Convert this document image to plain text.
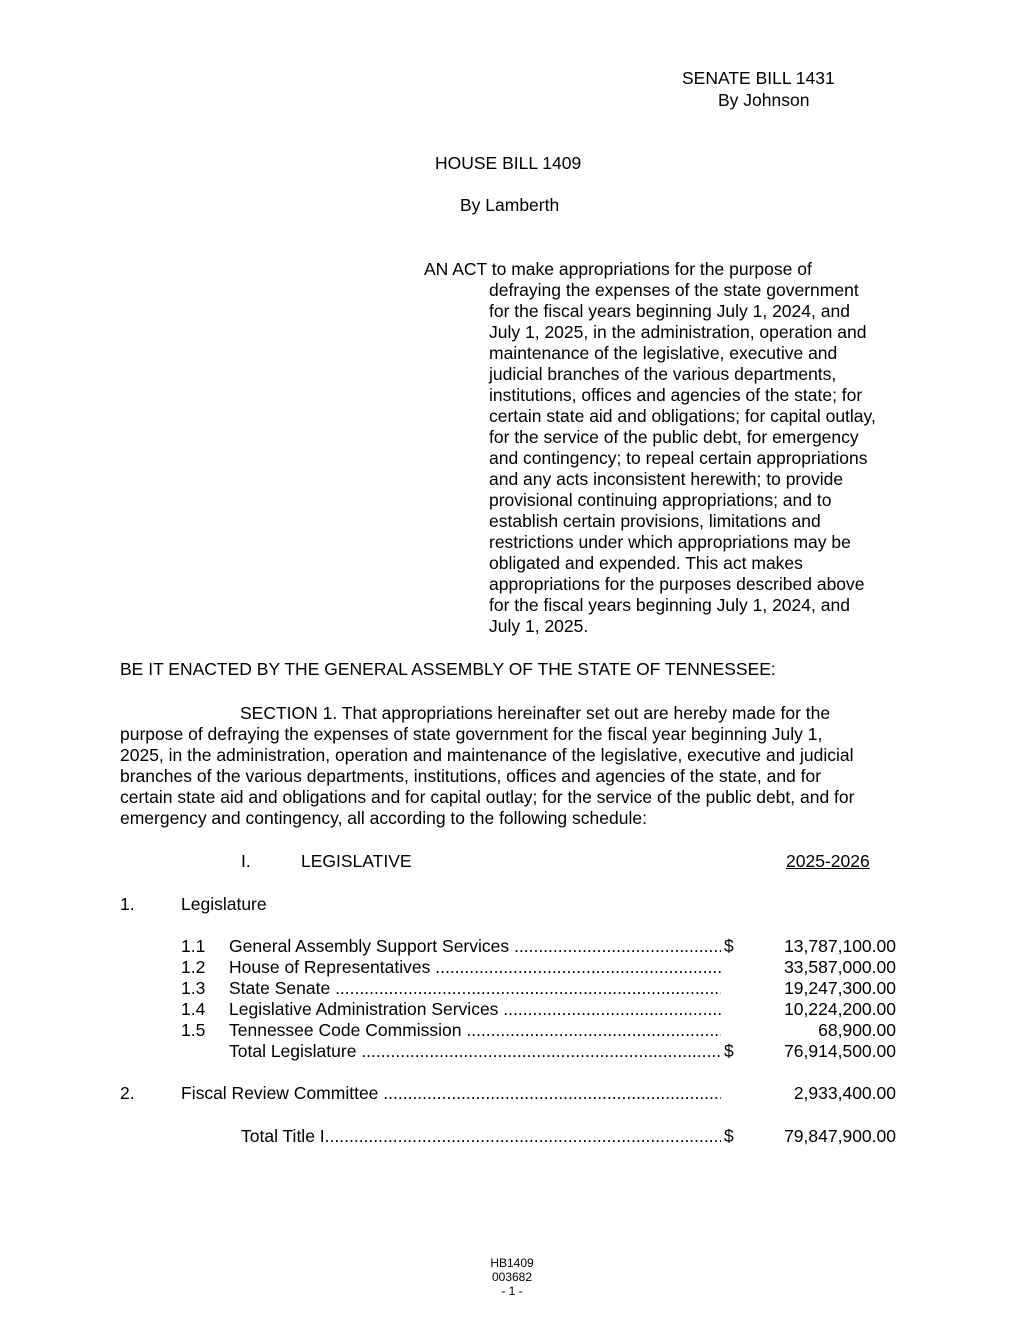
SENATE BILL 1431
By Johnson
HOUSE BILL 1409
By Lamberth
AN ACT to make appropriations for the purpose of
defraying the expenses of the state government
for the fiscal years beginning July 1, 2024, and
July 1, 2025, in the administration, operation and
maintenance of the legislative, executive and
judicial branches of the various departments,
institutions, offices and agencies of the state; for
certain state aid and obligations; for capital outlay,
for the service of the public debt, for emergency
and contingency; to repeal certain appropriations
and any acts inconsistent herewith; to provide
provisional continuing appropriations; and to
establish certain provisions, limitations and
restrictions under which appropriations may be
obligated and expended. This act makes
appropriations for the purposes described above
for the fiscal years beginning July 1, 2024, and
July 1, 2025.
BE IT ENACTED BY THE GENERAL ASSEMBLY OF THE STATE OF TENNESSEE:
SECTION 1. That appropriations hereinafter set out are hereby made for the
purpose of defraying the expenses of state government for the fiscal year beginning July 1,
2025, in the administration, operation and maintenance of the legislative, executive and judicial
branches of the various departments, institutions, offices and agencies of the state, and for
certain state aid and obligations and for capital outlay; for the service of the public debt, and for
emergency and contingency, all according to the following schedule:
I.	LEGISLATIVE	2025-2026
1.	Legislature
1.1 General Assembly Support Services .....	$	13,787,100.00
1.2 House of Representatives .....	33,587,000.00
1.3 State Senate .....	19,247,300.00
1.4 Legislative Administration Services .....	10,224,200.00
1.5 Tennessee Code Commission .....	68,900.00
Total Legislature .....	$	76,914,500.00
2.	Fiscal Review Committee .....	2,933,400.00
Total Title I .....	$	79,847,900.00
HB1409
003682
- 1 -
